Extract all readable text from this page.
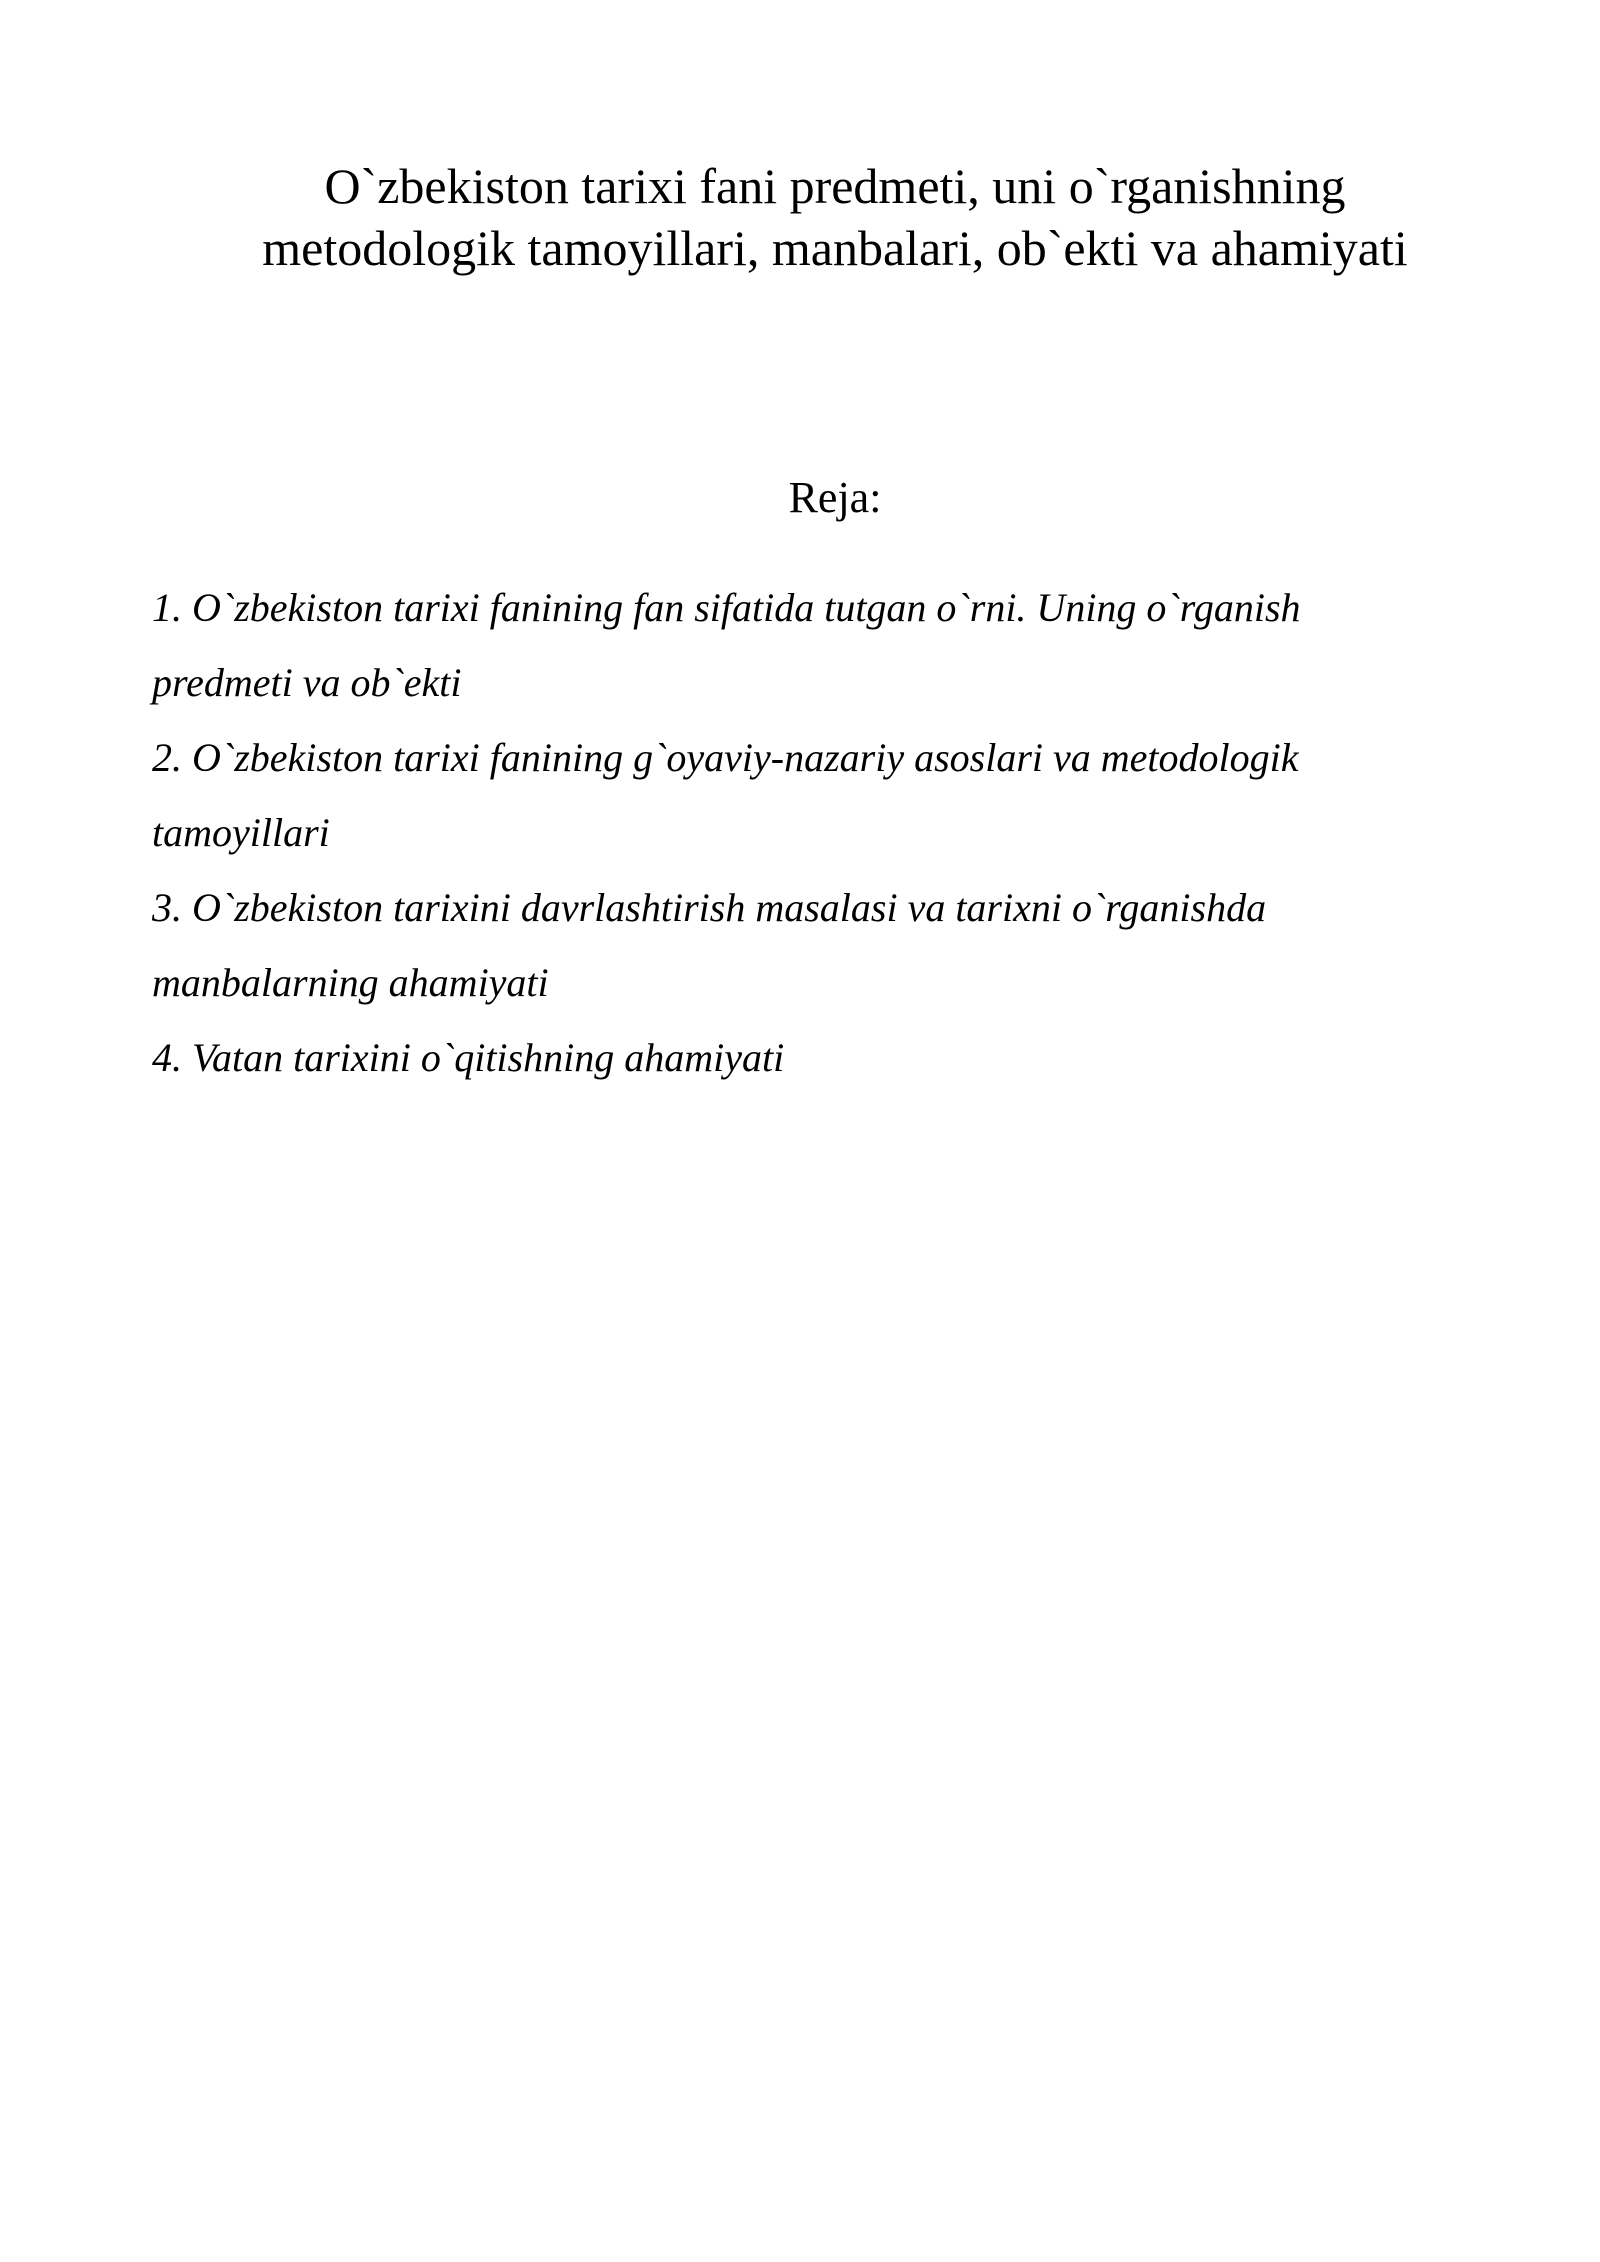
O`zbekiston tarixi fani predmeti, uni o`rganishning metodologik tamoyillari, manbalari, ob`ekti va ahamiyati
Reja:
1. O`zbekiston tarixi fanining fan sifatida tutgan o`rni. Uning o`rganish predmeti va ob`ekti
2. O`zbekiston tarixi fanining g`oyaviy-nazariy asoslari va metodologik tamoyillari
3. O`zbekiston tarixini davrlashtirish masalasi va tarixni o`rganishda manbalarning ahamiyati
4. Vatan tarixini o`qitishning ahamiyati
